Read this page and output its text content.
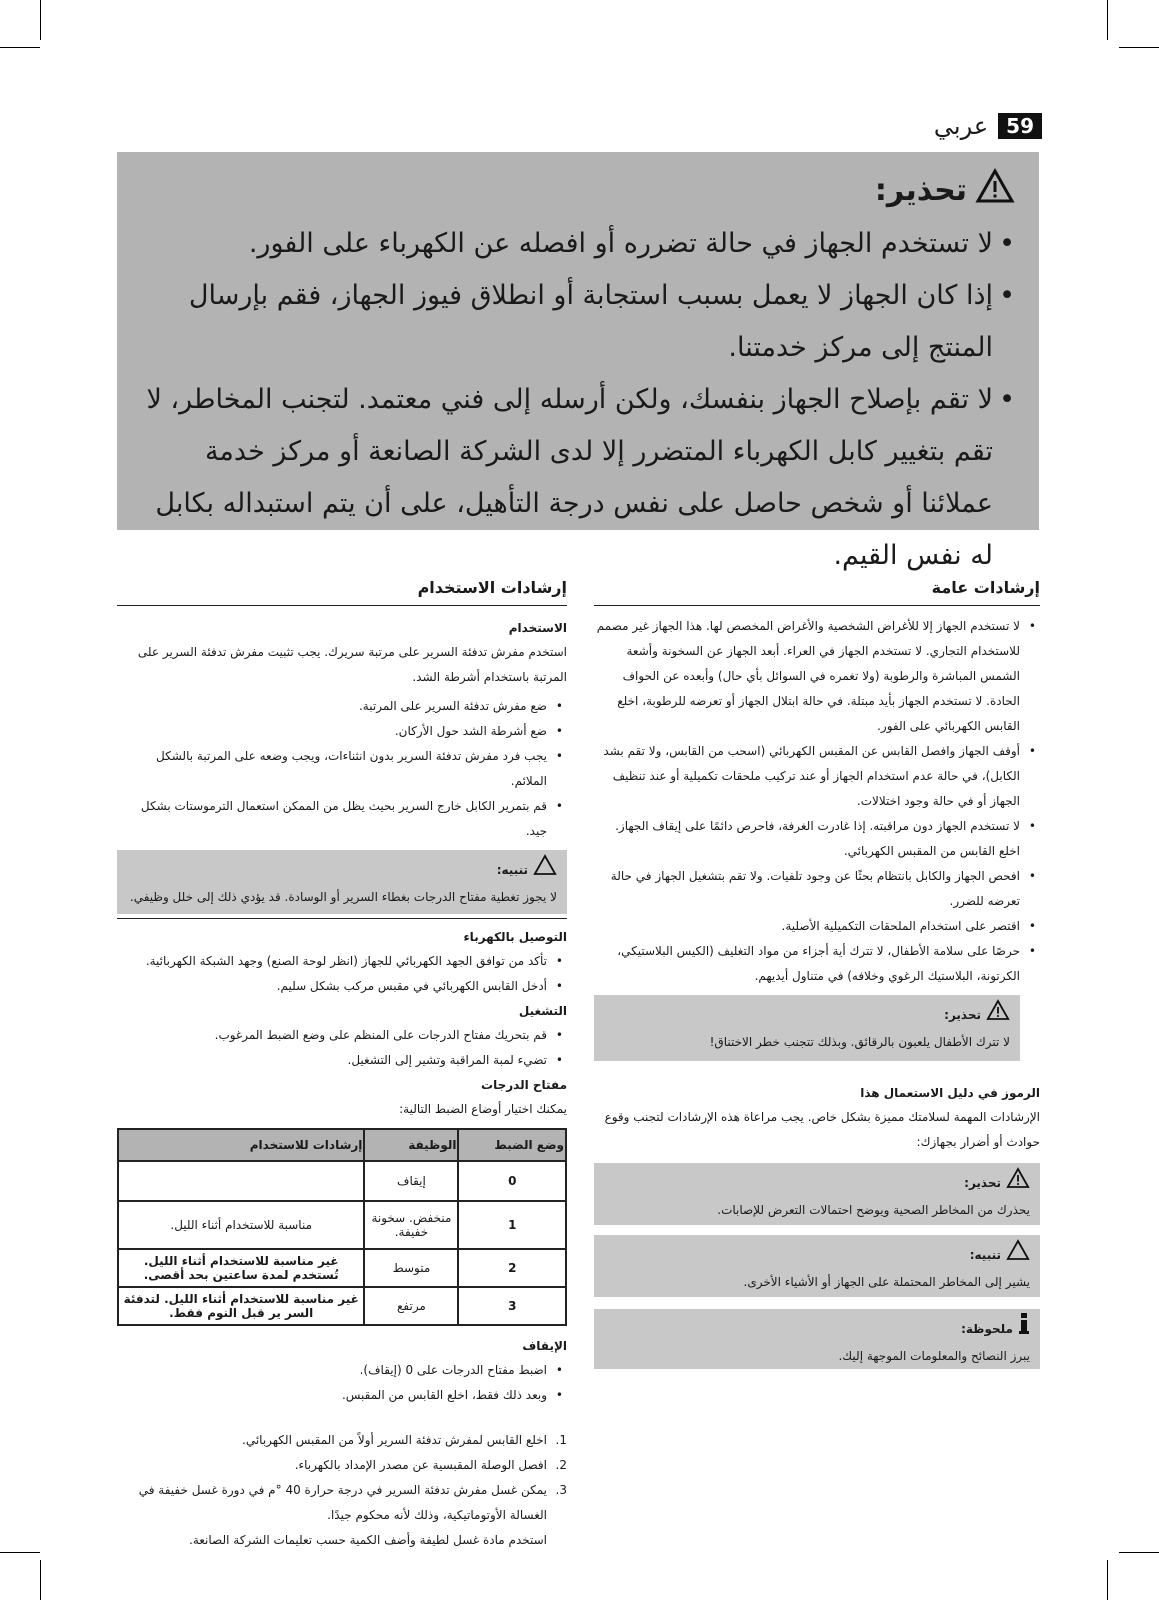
59
عربي
تحذير:
• لا تستخدم الجهاز في حالة تضرره أو افصله عن الكهرباء على الفور.
• إذا كان الجهاز لا يعمل بسبب استجابة أو انطلاق فيوز الجهاز، فقم بإرسال المنتج إلى مركز خدمتنا.
• لا تقم بإصلاح الجهاز بنفسك، ولكن أرسله إلى فني معتمد. لتجنب المخاطر، لا تقم بتغيير كابل الكهرباء المتضرر إلا لدى الشركة الصانعة أو مركز خدمة عملائنا أو شخص حاصل على نفس درجة التأهيل، على أن يتم استبداله بكابل له نفس القيم.
إرشادات عامة
• لا تستخدم الجهاز إلا للأغراض الشخصية والأغراض المخصص لها. هذا الجهاز غير مصمم للاستخدام التجاري. لا تستخدم الجهاز في العراء. أبعد الجهاز عن السخونة وأشعة الشمس المباشرة والرطوبة (ولا تغمره في السوائل بأي حال) وأبعده عن الحواف الحادة. لا تستخدم الجهاز بأيد مبتلة. في حالة ابتلال الجهاز أو تعرضه للرطوبة، اخلع القابس الكهربائي على الفور.
• أوقف الجهاز وافصل القابس عن المقبس الكهربائي (اسحب من القابس، ولا تقم بشد الكابل)، في حالة عدم استخدام الجهاز أو عند تركيب ملحقات تكميلية أو عند تنظيف الجهاز أو في حالة وجود اختلالات.
• لا تستخدم الجهاز دون مراقبته. إذا غادرت الغرفة، فاحرص دائمًا على إيقاف الجهاز. اخلع القابس من المقبس الكهربائي.
• افحص الجهاز والكابل بانتظام بحثًا عن وجود تلفيات. ولا تقم بتشغيل الجهاز في حالة تعرضه للضرر.
• اقتصر على استخدام الملحقات التكميلية الأصلية.
• حرصًا على سلامة الأطفال، لا تترك أية أجزاء من مواد التغليف (الكيس البلاستيكي، الكرتونة، البلاستيك الرغوي وخلافه) في متناول أيديهم.
تحذير:
لا تترك الأطفال يلعبون بالرقائق. وبذلك تتجنب خطر الاختناق!

الرموز في دليل الاستعمال هذا

الإرشادات المهمة لسلامتك مميزة بشكل خاص. يجب مراعاة هذه الإرشادات لتجنب وقوع حوادث أو أضرار بجهازك:

تحذير:
يحذرك من المخاطر الصحية ويوضح احتمالات التعرض للإصابات.
تنبيه:
يشير إلى المخاطر المحتملة على الجهاز أو الأشياء الأخرى.
ملحوظة:
يبرز النصائح والمعلومات الموجهة إليك.
إرشادات الاستخدام

الاستخدام

استخدم مفرش تدفئة السرير على مرتبة سريرك. يجب تثبيت مفرش تدفئة السرير على المرتبة باستخدام أشرطة الشد.

• ضع مفرش تدفئة السرير على المرتبة.
• ضع أشرطة الشد حول الأركان.
• يجب فرد مفرش تدفئة السرير بدون انثناءات، ويجب وضعه على المرتبة بالشكل الملائم.
• قم بتمرير الكابل خارج السرير بحيث يظل من الممكن استعمال الترموستات بشكل جيد.
تنبيه:
لا يجوز تغطية مفتاح الدرجات بغطاء السرير أو الوسادة. قد يؤدي ذلك إلى خلل وظيفي.

التوصيل بالكهرباء

• تأكد من توافق الجهد الكهربائي للجهاز (انظر لوحة الصنع) وجهد الشبكة الكهربائية.
• أدخل القابس الكهربائي في مقبس مركب بشكل سليم.

التشغيل

• قم بتحريك مفتاح الدرجات على المنظم على وضع الضبط المرغوب.
• تضيء لمبة المراقبة وتشير إلى التشغيل.

مفتاح الدرجات

يمكنك اختيار أوضاع الضبط التالية:

وضع الضبط	الوظيفة	إرشادات للاستخدام
0	إيقاف	
1	منخفض. سخونة خفيفة.	مناسبة للاستخدام أثناء الليل.
2	متوسط	غير مناسبة للاستخدام أثناء الليل. تُستخدم لمدة ساعتين بحد أقصى.
3	مرتفع	غير مناسبة للاستخدام أثناء الليل. لتدفئة السر ير قبل النوم فقط.

الإيقاف

• اضبط مفتاح الدرجات على 0 (إيقاف).
• وبعد ذلك فقط، اخلع القابس من المقبس.
1.
اخلع القابس لمفرش تدفئة السرير أولاً من المقبس الكهربائي.
2.
افصل الوصلة المقبسية عن مصدر الإمداد بالكهرباء.
3.
يمكن غسل مفرش تدفئة السرير في درجة حرارة 40 °م في دورة غسل خفيفة في الغسالة الأوتوماتيكية، وذلك لأنه محكوم جيدًا.

استخدم مادة غسل لطيفة وأضف الكمية حسب تعليمات الشركة الصانعة.
